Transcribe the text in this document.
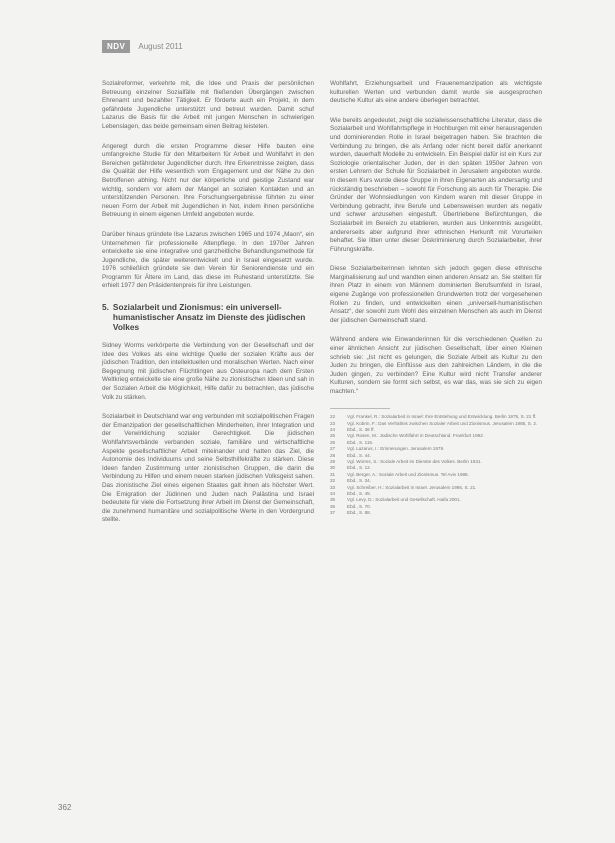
NDV	August 2011

Sozialreformer, verkehrte mit, die Idee und Praxis der persönlichen Betreuung einzelner Sozialfälle mit fließenden Übergängen zwischen Ehrenamt und bezahlter Tätigkeit. Er förderte auch ein Projekt, in dem gefährdete Jugendliche unterstützt und betreut wurden. Damit schuf Lazarus die Basis für die Arbeit mit jungen Menschen in schwierigen Lebenslagen, das beide gemeinsam einen Beitrag leisteten.

Angeregt durch die ersten Programme dieser Hilfe bauten eine umfangreiche Studie für den Mitarbeitern für Arbeit und Wohlfahrt in den Bereichen gefährdeter Jugendlicher durch. Ihre Erkenntnisse zeigten, dass die Qualität der Hilfe wesentlich vom Engagement und der Nähe zu den Betroffenen abhing. Nicht nur der körperliche und geistige Zustand war wichtig, sondern vor allem der Mangel an sozialen Kontakten und an unterstützenden Personen. Ihre Forschungsergebnisse führten zu einer neuen Form der Arbeit mit Jugendlichen in Not, indem ihnen persönliche Betreuung in einem eigenen Umfeld angeboten wurde.

Darüber hinaus gründete Ilse Lazarus zwischen 1965 und 1974 „Maon“, ein Unternehmen für professionelle Altenpflege. In den 1970er Jahren entwickelte sie eine integrative und ganzheitliche Behandlungsmethode für Jugendliche, die später weiterentwickelt und in Israel eingesetzt wurde. 1976 schließlich gründete sie den Verein für Seniorendienste und ein Programm für Ältere im Land, das diese im Ruhestand unterstützte. Sie erhielt 1977 den Präsidentenpreis für ihre Leistungen.

5. Sozialarbeit und Zionismus: ein universell-humanistischer Ansatz im Dienste des jüdischen Volkes

Sidney Worms verkörperte die Verbindung von der Gesellschaft und der Idee des Volkes als eine wichtige Quelle der sozialen Kräfte aus der jüdischen Tradition, den intellektuellen und moralischen Werten. Nach einer Begegnung mit jüdischen Flüchtlingen aus Osteuropa nach dem Ersten Weltkrieg entwickelte sie eine große Nähe zu zionistischen Ideen und sah in der Sozialen Arbeit die Möglichkeit, Hilfe dafür zu betrachten, das jüdische Volk zu stärken.

Sozialarbeit in Deutschland war eng verbunden mit sozialpolitischen Fragen der Emanzipation der gesellschaftlichen Minderheiten, ihrer Integration und der Verwirklichung sozialer Gerechtigkeit. Die jüdischen Wohlfahrtsverbände verbanden soziale, familiäre und wirtschaftliche Aspekte gesellschaftlicher Arbeit miteinander und hatten das Ziel, die Autonomie des Individuums und seine Selbsthilfekräfte zu stärken. Diese Ideen fanden Zustimmung unter zionistischen Gruppen, die darin die Verbindung zu Hilfen und einem neuen starken jüdischen Volksgeist sahen. Das zionistische Ziel eines eigenen Staates galt ihnen als höchster Wert. Die Emigration der Jüdinnen und Juden nach Palästina und Israel bedeutete für viele die Fortsetzung ihrer Arbeit im Dienst der Gemeinschaft, die zunehmend humanitäre und sozialpolitische Werte in den Vordergrund stellte.

Wohlfahrt, Erziehungsarbeit und Frauenemanzipation als wichtigste kulturellen Werten und verbunden damit wurde sie ausgesprochen deutsche Kultur als eine andere überlegen betrachtet.

Wie bereits angedeutet, zeigt die sozialwissenschaftliche Literatur, dass die Sozialarbeit und Wohlfahrtspflege in Hochburgen mit einer herausragenden und dominierenden Rolle in Israel beigetragen haben. Sie brachten die Verbindung zu bringen, die als Anfang oder nicht bereit dafür anerkannt wurden, dauerhaft Modelle zu entwickeln. Ein Beispiel dafür ist ein Kurs zur Soziologie orientalischer Juden, der in den späten 1950er Jahren von ersten Lehrern der Schule für Sozialarbeit in Jerusalem angeboten wurde. In diesem Kurs wurde diese Gruppe in ihren Eigenarten als andersartig und rückständig beschrieben – sowohl für Forschung als auch für Therapie. Die Gründer der Wohnsiedlungen von Kindern waren mit dieser Gruppe in Verbindung gebracht, ihre Berufe und Lebensweisen wurden als negativ und schwer anzusehen eingestuft. Übertriebene Befürchtungen, die Sozialarbeit im Bereich zu etablieren, wurden aus Unkenntnis ausgeübt, andererseits aber aufgrund ihrer ethnischen Herkunft mit Vorurteilen behaftet. Sie litten unter dieser Diskriminierung durch Sozialarbeiter, ihrer Führungskräfte.

Diese Sozialarbeiterinnen lehnten sich jedoch gegen diese ethnische Marginalisierung auf und wandten einen anderen Ansatz an. Sie stellten für ihren Platz in einem von Männern dominierten Berufsumfeld in Israel, eigene Zugänge von professionellen Grundwerten trotz der vorgesehenen Rollen zu finden, und entwickelten einen „universell-humanistischen Ansatz“, der sowohl zum Wohl des einzelnen Menschen als auch im Dienst der jüdischen Gemeinschaft stand.

Während andere wie Einwanderinnen für die verschiedenen Quellen zu einer ähnlichen Ansicht zur jüdischen Gesellschaft, über einen Kleinen schrieb sie: „Ist nicht es gelungen, die Soziale Arbeit als Kultur zu den Juden zu bringen, die Einflüsse aus den zahlreichen Ländern, in die die Juden gingen, zu verbinden? Eine Kultur wird nicht Transfer anderer Kulturen, sondern sie formt sich selbst, es war das, was sie sich zu eigen machten.“

22	Vgl. Frankel, R.: Sozialarbeit in Israel: Ihre Entstehung und Entwicklung. Berlin 1975, S. 21 ff.
23	Vgl. Kobrin, F.: Das Verhältnis zwischen Sozialer Arbeit und Zionismus. Jerusalem 1985, S. 2.
24	Ebd., S. 36 ff.
25	Vgl. Rosen, M.: Jüdische Wohlfahrt in Deutschland. Frankfurt 1992.
26	Ebd., S. 115.
27	Vgl. Lazarus, I.: Erinnerungen. Jerusalem 1979.
28	Ebd., S. 44.
29	Vgl. Worms, S.: Soziale Arbeit im Dienste des Volkes. Berlin 1931.
30	Ebd., S. 12.
31	Vgl. Berger, A.: Soziale Arbeit und Zionismus. Tel Aviv 1988.
32	Ebd., S. 34.
33	Vgl. Schreiber, H.: Sozialarbeit in Israel. Jerusalem 1995, S. 21.
34	Ebd., S. 45.
35	Vgl. Levy, D.: Sozialarbeit und Gesellschaft. Haifa 2001.
36	Ebd., S. 70.
37	Ebd., S. 88.
362
